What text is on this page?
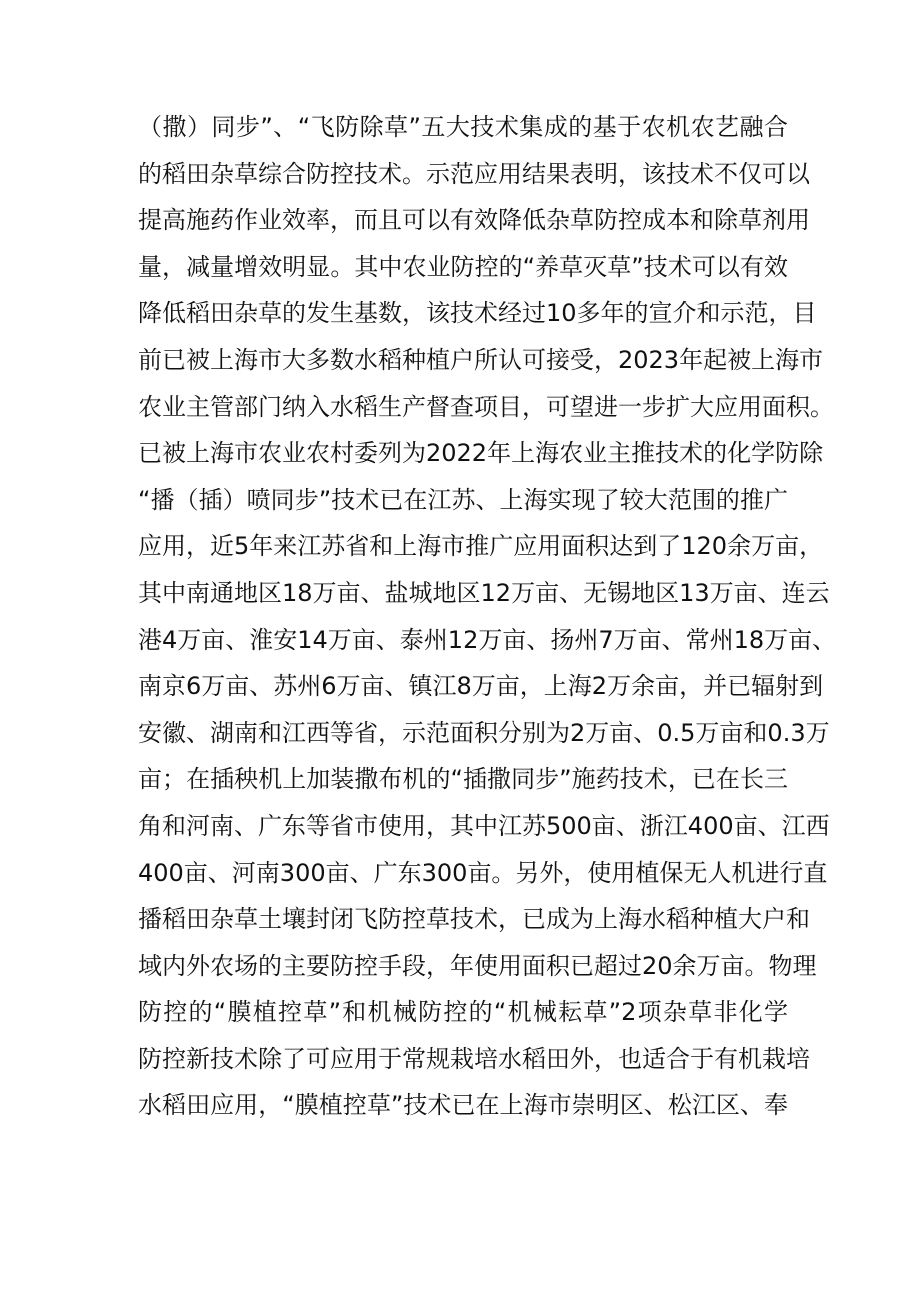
（撒）同步”、“飞防除草”五大技术集成的基于农机农艺融合
的稻田杂草综合防控技术。示范应用结果表明，该技术不仅可以
提高施药作业效率，而且可以有效降低杂草防控成本和除草剂用
量，减量增效明显。其中农业防控的“养草灭草”技术可以有效
降低稻田杂草的发生基数，该技术经过10多年的宣介和示范，目
前已被上海市大多数水稻种植户所认可接受，2023年起被上海市
农业主管部门纳入水稻生产督查项目，可望进一步扩大应用面积。
已被上海市农业农村委列为2022年上海农业主推技术的化学防除
“播（插）喷同步”技术已在江苏、上海实现了较大范围的推广
应用，近5年来江苏省和上海市推广应用面积达到了120余万亩，
其中南通地区18万亩、盐城地区12万亩、无锡地区13万亩、连云
港4万亩、淮安14万亩、泰州12万亩、扬州7万亩、常州18万亩、
南京6万亩、苏州6万亩、镇江8万亩，上海2万余亩，并已辐射到
安徽、湖南和江西等省，示范面积分别为2万亩、0.5万亩和0.3万
亩；在插秧机上加装撒布机的“插撒同步”施药技术，已在长三
角和河南、广东等省市使用，其中江苏500亩、浙江400亩、江西
400亩、河南300亩、广东300亩。另外，使用植保无人机进行直
播稻田杂草土壤封闭飞防控草技术，已成为上海水稻种植大户和
域内外农场的主要防控手段，年使用面积已超过20余万亩。物理
防控的“膜植控草”和机械防控的“机械耘草”2项杂草非化学
防控新技术除了可应用于常规栽培水稻田外，也适合于有机栽培
水稻田应用，“膜植控草”技术已在上海市崇明区、松江区、奉
